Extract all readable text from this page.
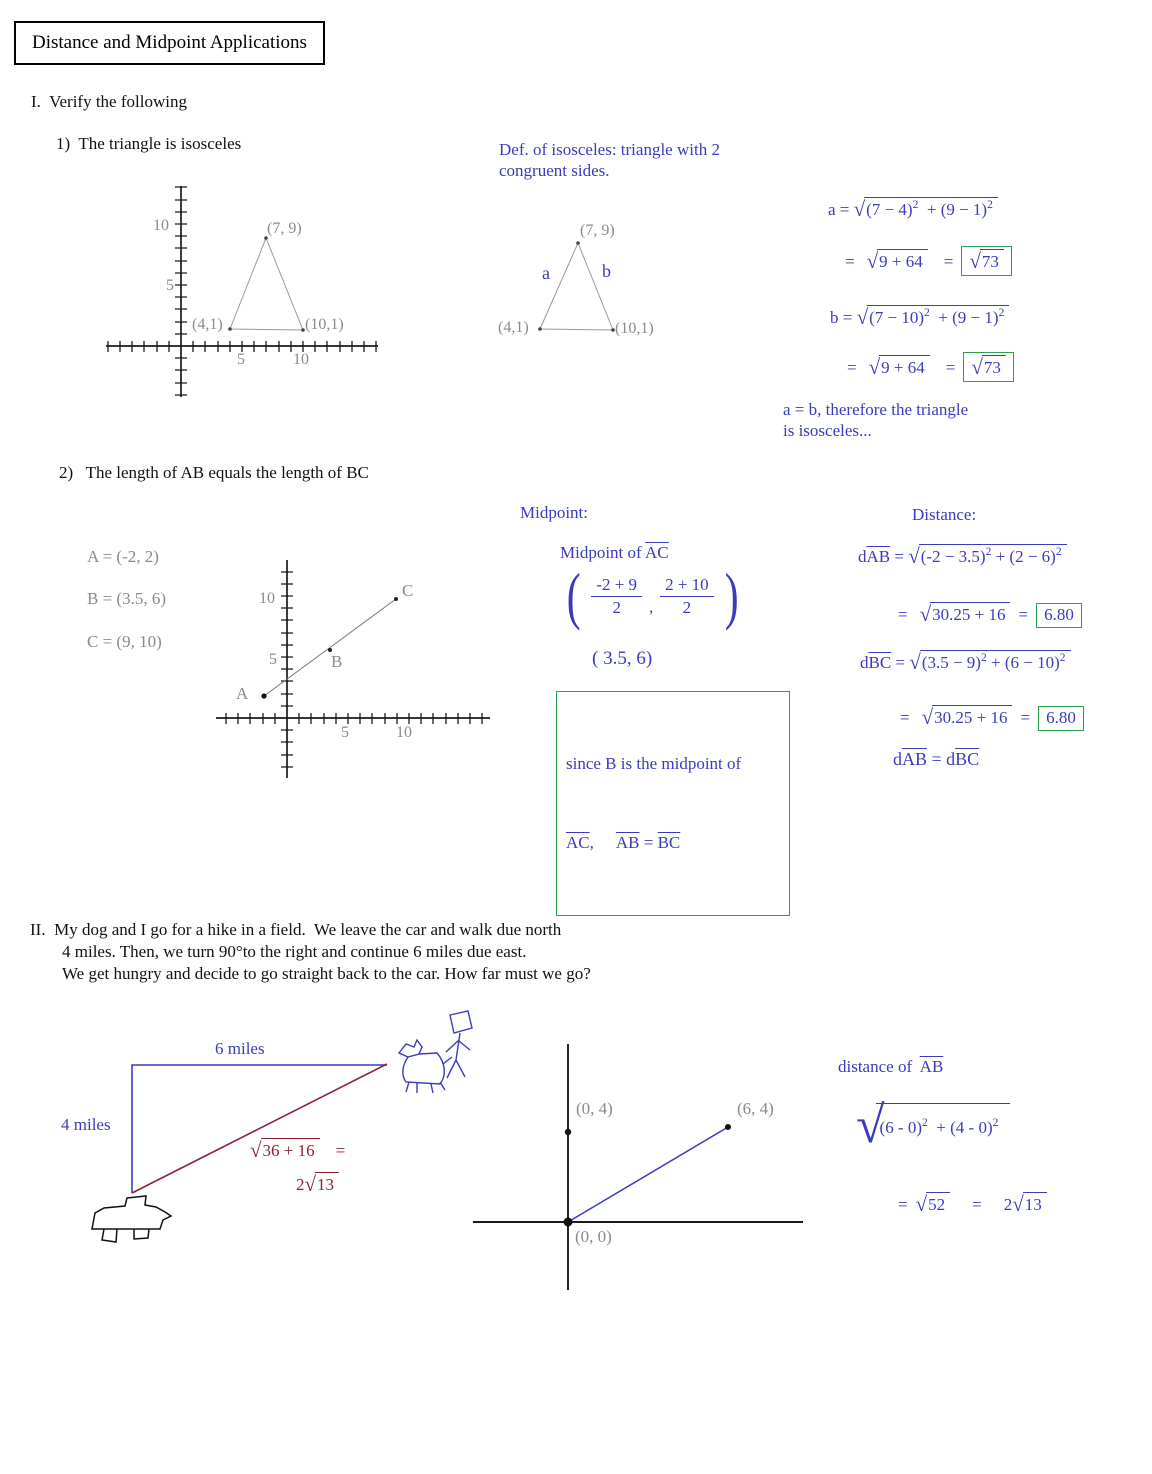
Distance and Midpoint Applications
I.  Verify the following
1)  The triangle is isosceles	Def. of isosceles: triangle with 2
congruent sides.
10
5
5	10
(7, 9)
(4,1)	(10,1)
(7, 9)
a	b
(4,1)	(10,1)
$a = √(7 - 4)^2 + (9 - 1)^2$
= √9 + 64 = √73
$b = √(7 - 10)^2 + (9 - 1)^2$
= √9 + 64 = √73
a = b, therefore the triangle
is isosceles...
2)   The length of AB equals the length of BC
A = (-2, 2)
B = (3.5, 6)
C = (9, 10)
A
B
C
10
5
5	10
Midpoint:
Midpoint of $\overline{AC}$
( $\frac{-2 + 9}{2}$ , $\frac{2 + 10}{2}$ )
( 3.5, 6)

since B is the midpoint of

$\overline{AC}$, $\overline{AB} = \overline{BC}$

Distance:
$d\overline{AB} = √(-2 - 3.5)^2 + (2 - 6)^2$
= √30.25 + 16 = 6.80
$d\overline{BC} = √(3.5 - 9)^2 + (6 - 10)^2$
= √30.25 + 16 = 6.80
$d\overline{AB} = d\overline{BC}$
II.  My dog and I go for a hike in a field.  We leave the car and walk due north
4 miles. Then, we turn 90°to the right and continue 6 miles due east.
We get hungry and decide to go straight back to the car. How far must we go?
6 miles
4 miles
√36 + 16 =
2√13
(0, 4)	(6, 4)
(0, 0)
distance of  $\overline{AB}$
√
(6 - 0)$^2$  + (4 - 0)$^2$
= √52 = 2√13
